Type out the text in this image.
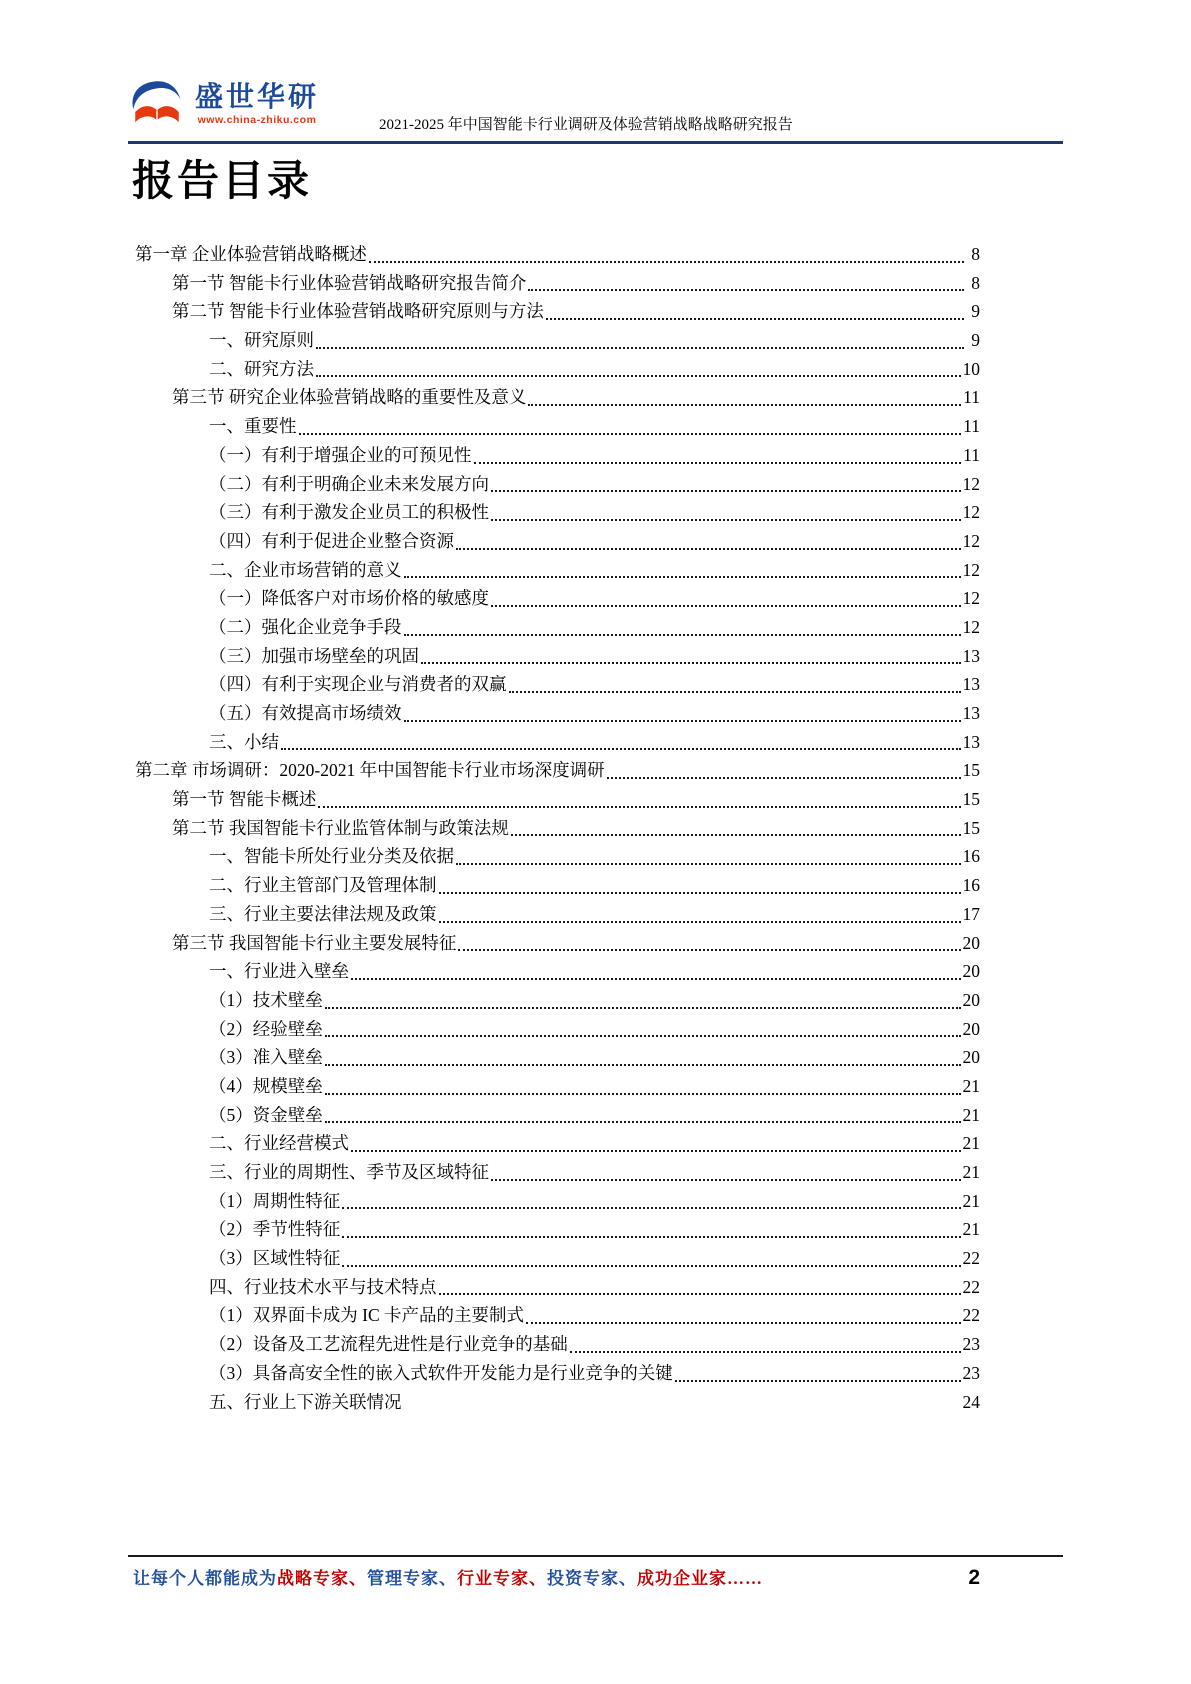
盛世华研
www.china-zhiku.com	2021-2025 年中国智能卡行业调研及体验营销战略战略研究报告
报告目录
第一章 企业体验营销战略概述	8
第一节 智能卡行业体验营销战略研究报告简介	8
第二节 智能卡行业体验营销战略研究原则与方法	9
一、研究原则	9
二、研究方法	10
第三节 研究企业体验营销战略的重要性及意义	11
一、重要性	11
（一）有利于增强企业的可预见性	11
（二）有利于明确企业未来发展方向	12
（三）有利于激发企业员工的积极性	12
（四）有利于促进企业整合资源	12
二、企业市场营销的意义	12
（一）降低客户对市场价格的敏感度	12
（二）强化企业竞争手段	12
（三）加强市场壁垒的巩固	13
（四）有利于实现企业与消费者的双赢	13
（五）有效提高市场绩效	13
三、小结	13
第二章 市场调研：2020-2021 年中国智能卡行业市场深度调研	15
第一节 智能卡概述	15
第二节 我国智能卡行业监管体制与政策法规	15
一、智能卡所处行业分类及依据	16
二、行业主管部门及管理体制	16
三、行业主要法律法规及政策	17
第三节 我国智能卡行业主要发展特征	20
一、行业进入壁垒	20
（1）技术壁垒	20
（2）经验壁垒	20
（3）准入壁垒	20
（4）规模壁垒	21
（5）资金壁垒	21
二、行业经营模式	21
三、行业的周期性、季节及区域特征	21
（1）周期性特征	21
（2）季节性特征	21
（3）区域性特征	22
四、行业技术水平与技术特点	22
（1）双界面卡成为 IC 卡产品的主要制式	22
（2）设备及工艺流程先进性是行业竞争的基础	23
（3）具备高安全性的嵌入式软件开发能力是行业竞争的关键	23
五、行业上下游关联情况	24
让每个人都能成为战略专家、管理专家、行业专家、投资专家、成功企业家……	2
